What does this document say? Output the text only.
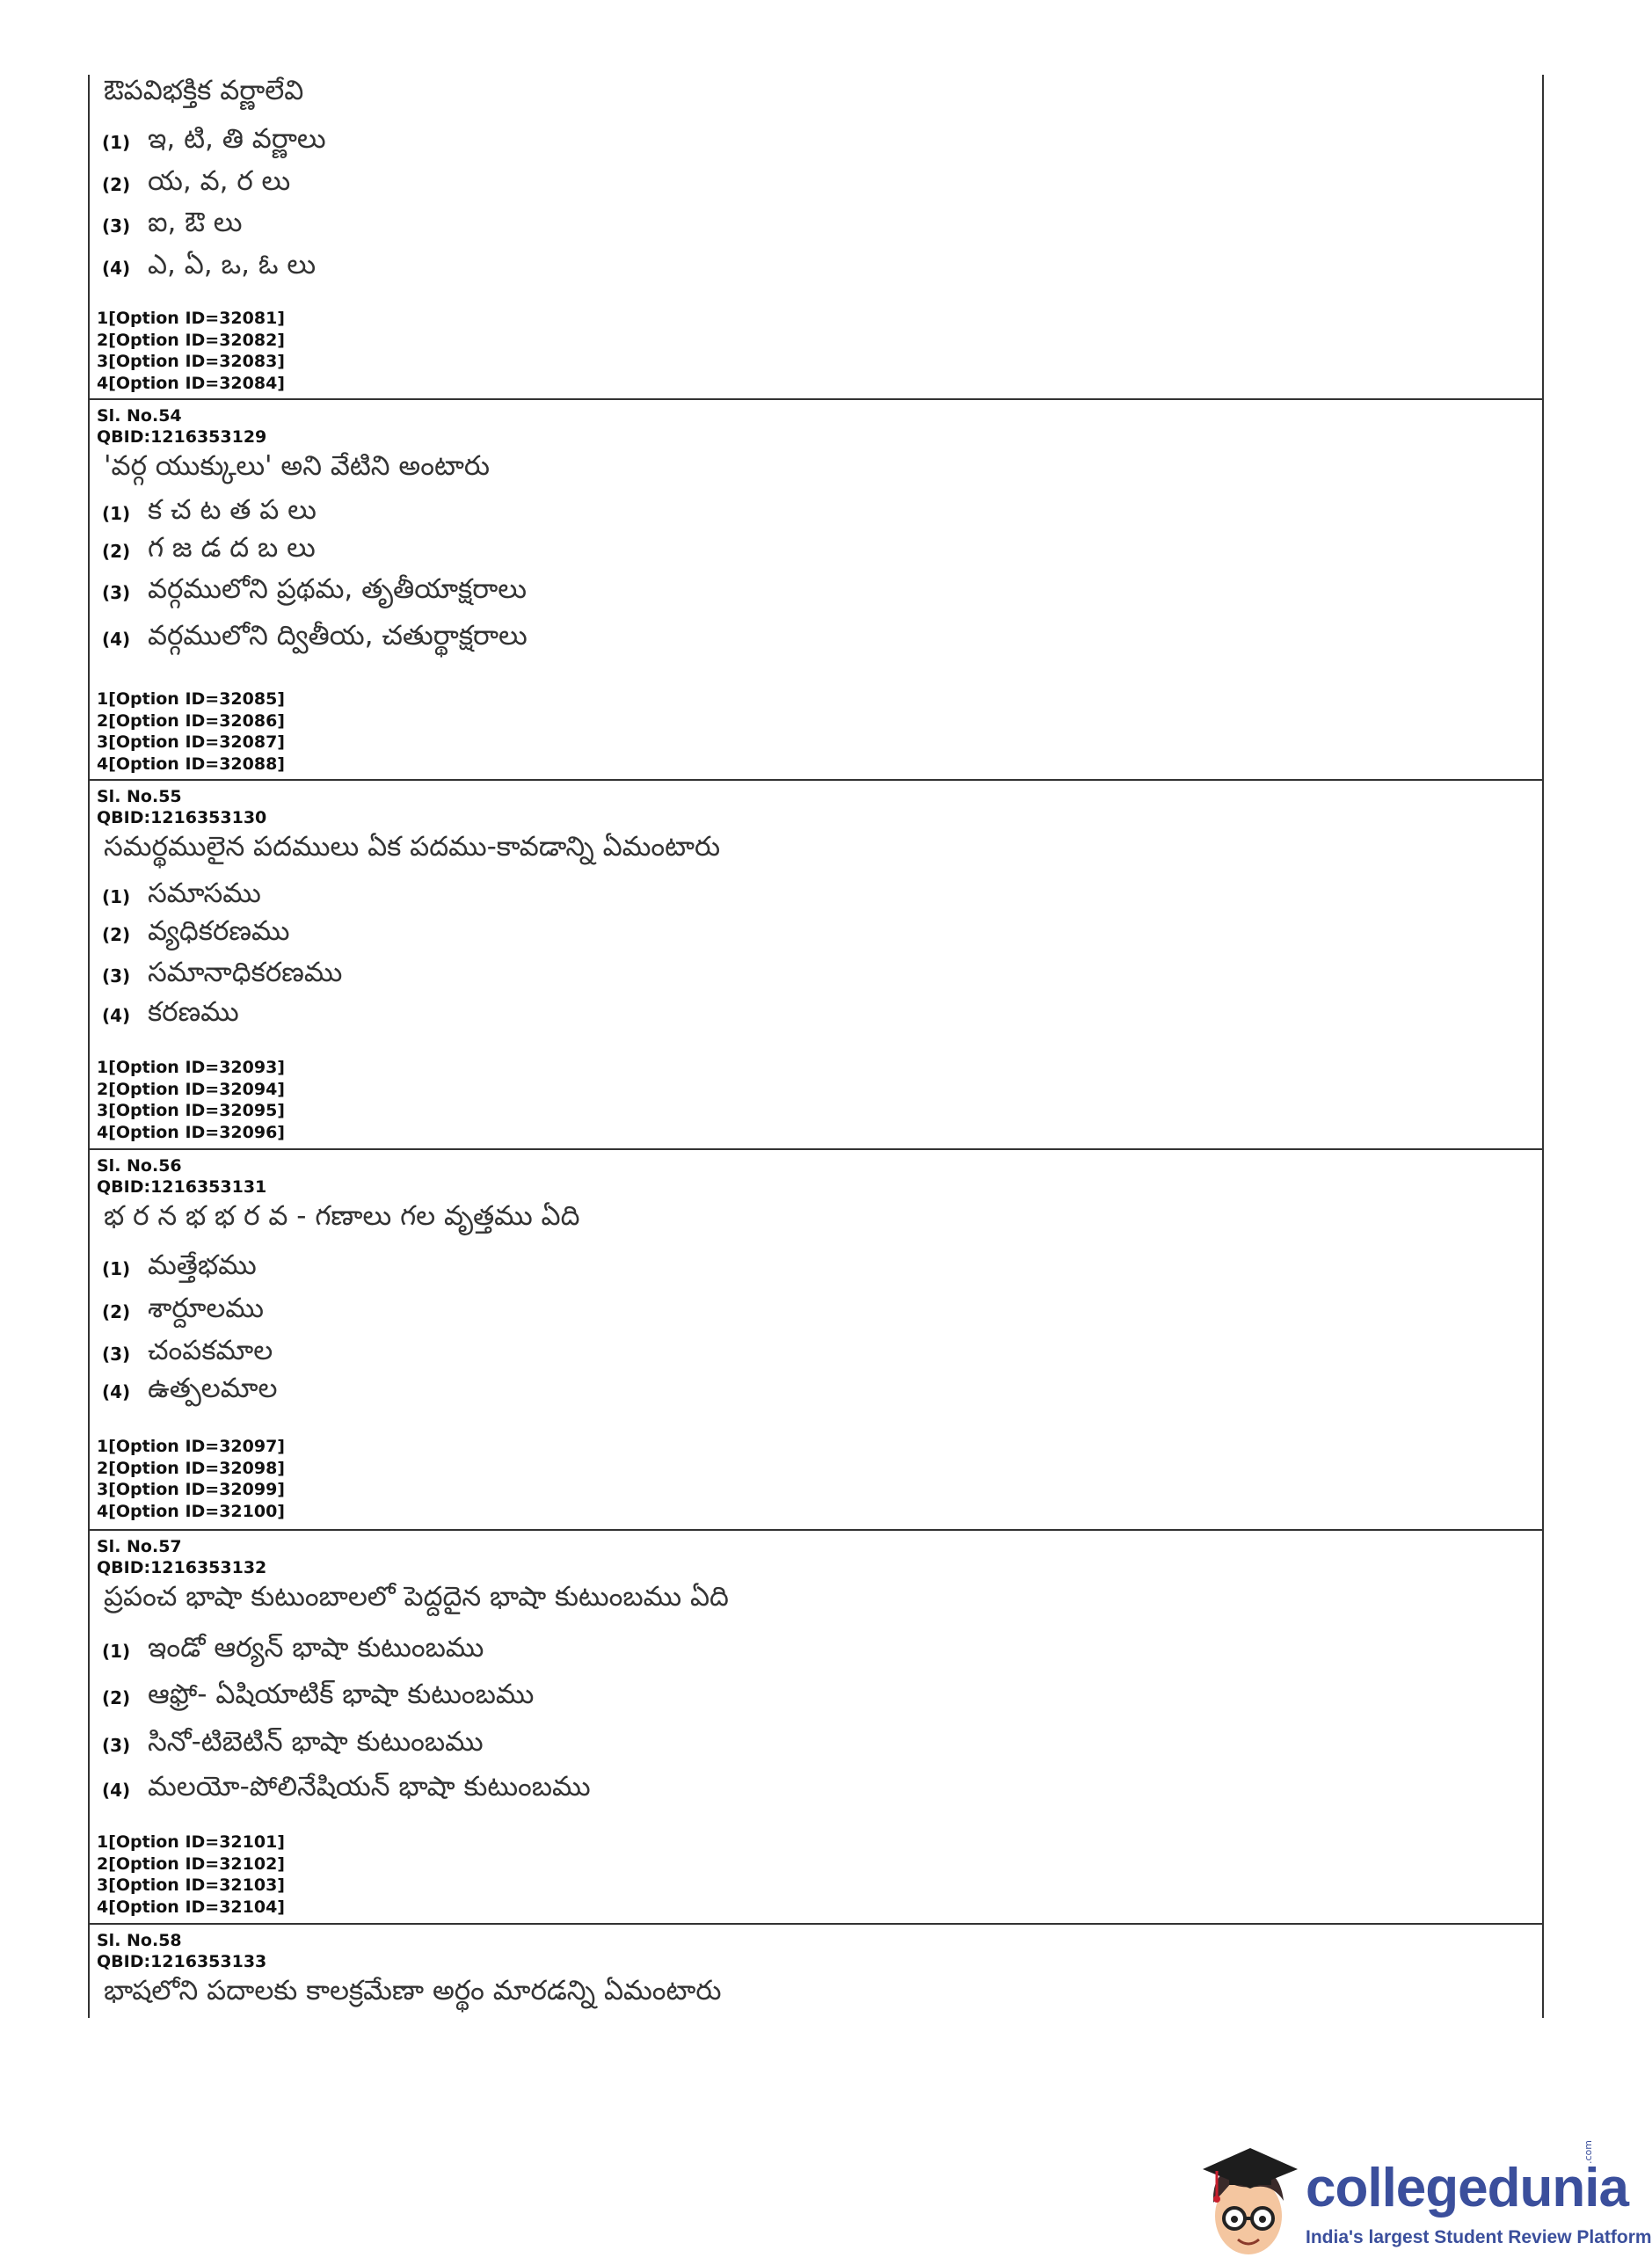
ఔపవిభక్తిక వర్ణాలేవి
(1) ఇ, టి, తి వర్ణాలు
(2) య, వ, ర లు
(3) ఐ, ఔ లు
(4) ఎ, ఏ, ఒ, ఓ లు
1[Option ID=32081]
2[Option ID=32082]
3[Option ID=32083]
4[Option ID=32084]
Sl. No.54
QBID:1216353129
'వర్గ యుక్కులు' అని వేటిని అంటారు
(1) క చ ట త ప లు
(2) గ జ డ ద బ లు
(3) వర్గములోని ప్రథమ, తృతీయాక్షరాలు
(4) వర్గములోని ద్వితీయ, చతుర్థాక్షరాలు
1[Option ID=32085]
2[Option ID=32086]
3[Option ID=32087]
4[Option ID=32088]
Sl. No.55
QBID:1216353130
సమర్థములైన పదములు ఏక పదము-కావడాన్ని ఏమంటారు
(1) సమాసము
(2) వ్యధికరణము
(3) సమానాధికరణము
(4) కరణము
1[Option ID=32093]
2[Option ID=32094]
3[Option ID=32095]
4[Option ID=32096]
Sl. No.56
QBID:1216353131
భ ర న భ భ ర వ - గణాలు గల వృత్తము ఏది
(1) మత్తేభము
(2) శార్దూలము
(3) చంపకమాల
(4) ఉత్పలమాల
1[Option ID=32097]
2[Option ID=32098]
3[Option ID=32099]
4[Option ID=32100]
Sl. No.57
QBID:1216353132
ప్రపంచ భాషా కుటుంబాలలో పెద్దదైన భాషా కుటుంబము ఏది
(1) ఇండో ఆర్యన్ భాషా కుటుంబము
(2) ఆఫ్రో- ఏషియాటిక్ భాషా కుటుంబము
(3) సినో-టిబెటిన్ భాషా కుటుంబము
(4) మలయో-పోలినేషియన్ భాషా కుటుంబము
1[Option ID=32101]
2[Option ID=32102]
3[Option ID=32103]
4[Option ID=32104]
Sl. No.58
QBID:1216353133
భాషలోని పదాలకు కాలక్రమేణా అర్థం మారడన్ని ఏమంటారు
collegedunia
.com
India's largest Student Review Platform
